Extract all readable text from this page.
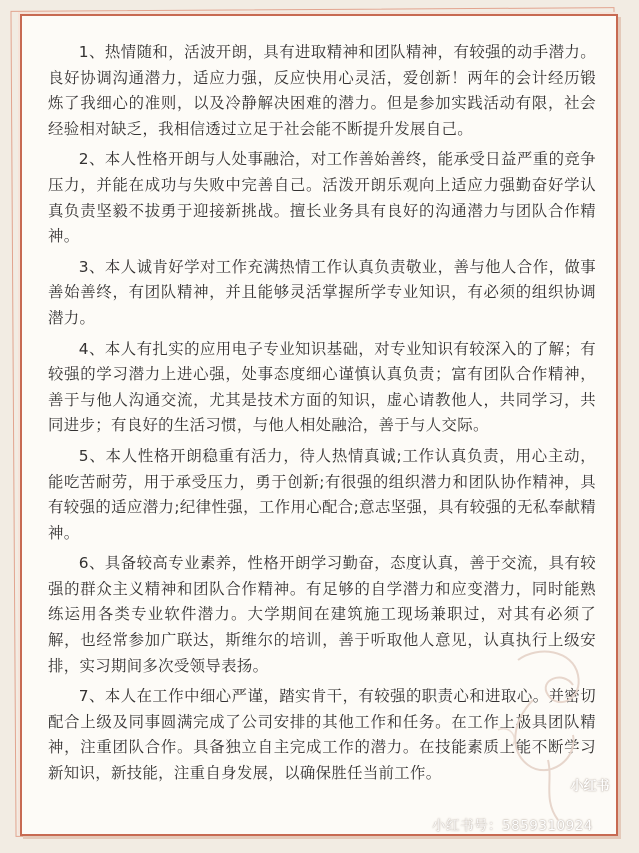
1、热情随和，活波开朗，具有进取精神和团队精神，有较强的动手潜力。良好协调沟通潜力，适应力强，反应快用心灵活，爱创新！两年的会计经历锻炼了我细心的准则，以及冷静解决困难的潜力。但是参加实践活动有限，社会经验相对缺乏，我相信透过立足于社会能不断提升发展自己。

2、本人性格开朗与人处事融洽，对工作善始善终，能承受日益严重的竞争压力，并能在成功与失败中完善自己。活泼开朗乐观向上适应力强勤奋好学认真负责坚毅不拔勇于迎接新挑战。擅长业务具有良好的沟通潜力与团队合作精神。

3、本人诚肯好学对工作充满热情工作认真负责敬业，善与他人合作，做事善始善终，有团队精神，并且能够灵活掌握所学专业知识，有必须的组织协调潜力。

4、本人有扎实的应用电子专业知识基础，对专业知识有较深入的了解；有较强的学习潜力上进心强，处事态度细心谨慎认真负责；富有团队合作精神，善于与他人沟通交流，尤其是技术方面的知识，虚心请教他人，共同学习，共同进步；有良好的生活习惯，与他人相处融洽，善于与人交际。

5、本人性格开朗稳重有活力，待人热情真诚;工作认真负责，用心主动，能吃苦耐劳，用于承受压力，勇于创新;有很强的组织潜力和团队协作精神，具有较强的适应潜力;纪律性强，工作用心配合;意志坚强，具有较强的无私奉献精神。

6、具备较高专业素养，性格开朗学习勤奋，态度认真，善于交流，具有较强的群众主义精神和团队合作精神。有足够的自学潜力和应变潜力，同时能熟练运用各类专业软件潜力。大学期间在建筑施工现场兼职过，对其有必须了解，也经常参加广联达，斯维尔的培训，善于听取他人意见，认真执行上级安排，实习期间多次受领导表扬。

7、本人在工作中细心严谨，踏实肯干，有较强的职责心和进取心。并密切配合上级及同事圆满完成了公司安排的其他工作和任务。在工作上极具团队精神，注重团队合作。具备独立自主完成工作的潜力。在技能素质上能不断学习新知识，新技能，注重自身发展，以确保胜任当前工作。

小红书
小红书号：5859310924
